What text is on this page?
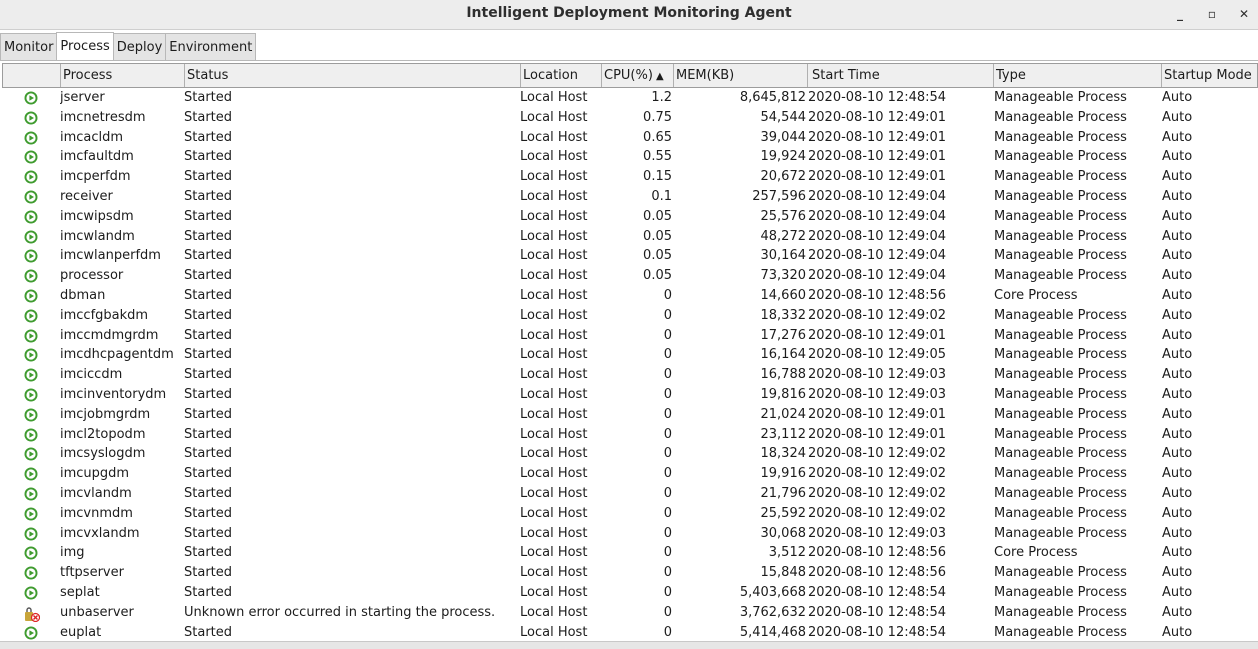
Intelligent Deployment Monitoring Agent	_	▫	✕
Monitor Process Deploy Environment
Process	Status	Location	CPU(%) ▲ MEM(KB)	Start Time	Type	Startup Mode
jserver	Started	Local Host	1.2	8,645,812 2020-08-10 12:48:54	Manageable Process	Auto
imcnetresdm	Started	Local Host	0.75	54,544 2020-08-10 12:49:01	Manageable Process	Auto
imcacldm	Started	Local Host	0.65	39,044 2020-08-10 12:49:01	Manageable Process	Auto
imcfaultdm	Started	Local Host	0.55	19,924 2020-08-10 12:49:01	Manageable Process	Auto
imcperfdm	Started	Local Host	0.15	20,672 2020-08-10 12:49:01	Manageable Process	Auto
receiver	Started	Local Host	0.1	257,596 2020-08-10 12:49:04	Manageable Process	Auto
imcwipsdm	Started	Local Host	0.05	25,576 2020-08-10 12:49:04	Manageable Process	Auto
imcwlandm	Started	Local Host	0.05	48,272 2020-08-10 12:49:04	Manageable Process	Auto
imcwlanperfdm	Started	Local Host	0.05	30,164 2020-08-10 12:49:04	Manageable Process	Auto
processor	Started	Local Host	0.05	73,320 2020-08-10 12:49:04	Manageable Process	Auto
dbman	Started	Local Host	0	14,660 2020-08-10 12:48:56	Core Process	Auto
imccfgbakdm	Started	Local Host	0	18,332 2020-08-10 12:49:02	Manageable Process	Auto
imccmdmgrdm	Started	Local Host	0	17,276 2020-08-10 12:49:01	Manageable Process	Auto
imcdhcpagentdm Started	Local Host	0	16,164 2020-08-10 12:49:05	Manageable Process	Auto
imciccdm	Started	Local Host	0	16,788 2020-08-10 12:49:03	Manageable Process	Auto
imcinventorydm	Started	Local Host	0	19,816 2020-08-10 12:49:03	Manageable Process	Auto
imcjobmgrdm	Started	Local Host	0	21,024 2020-08-10 12:49:01	Manageable Process	Auto
imcl2topodm	Started	Local Host	0	23,112 2020-08-10 12:49:01	Manageable Process	Auto
imcsyslogdm	Started	Local Host	0	18,324 2020-08-10 12:49:02	Manageable Process	Auto
imcupgdm	Started	Local Host	0	19,916 2020-08-10 12:49:02	Manageable Process	Auto
imcvlandm	Started	Local Host	0	21,796 2020-08-10 12:49:02	Manageable Process	Auto
imcvnmdm	Started	Local Host	0	25,592 2020-08-10 12:49:02	Manageable Process	Auto
imcvxlandm	Started	Local Host	0	30,068 2020-08-10 12:49:03	Manageable Process	Auto
img	Started	Local Host	0	3,512 2020-08-10 12:48:56	Core Process	Auto
tftpserver	Started	Local Host	0	15,848 2020-08-10 12:48:56	Manageable Process	Auto
seplat	Started	Local Host	0	5,403,668 2020-08-10 12:48:54	Manageable Process	Auto
unbaserver	Unknown error occurred in starting the process.	Local Host	0	3,762,632 2020-08-10 12:48:54	Manageable Process	Auto
euplat	Started	Local Host	0	5,414,468 2020-08-10 12:48:54	Manageable Process	Auto
